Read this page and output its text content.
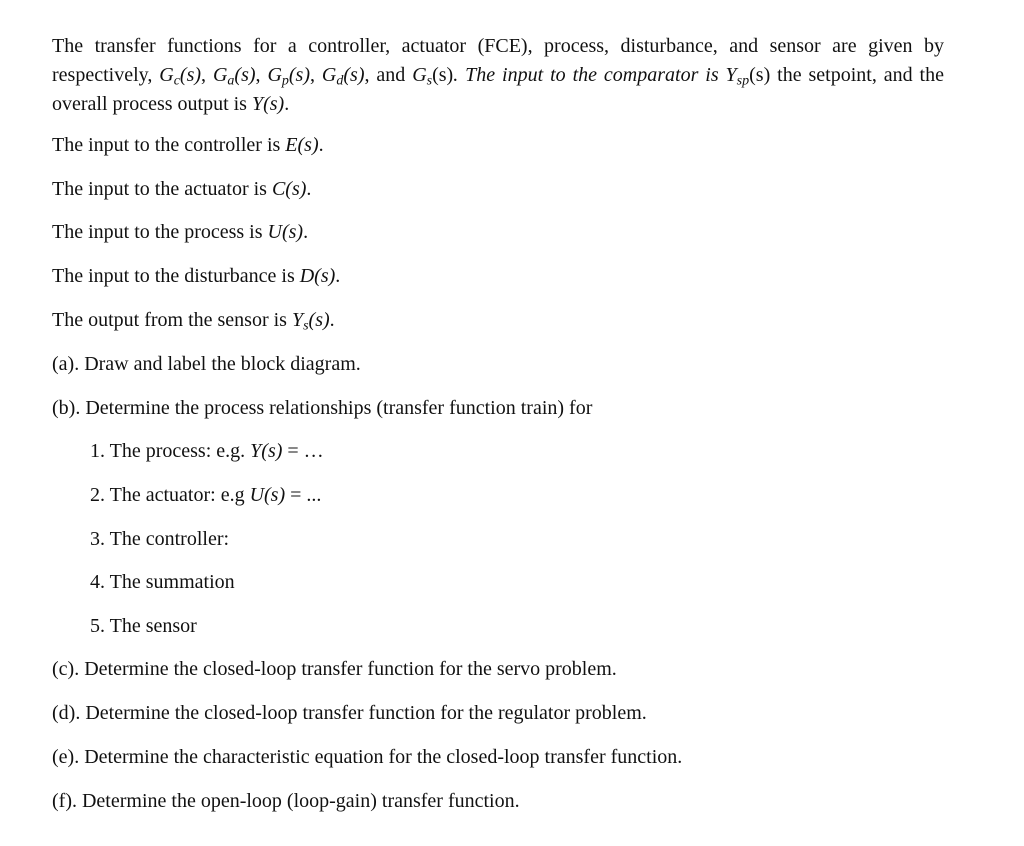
The transfer functions for a controller, actuator (FCE), process, disturbance, and sensor are given by respectively, $G_c(s)$, $G_a(s)$, $G_p(s)$, $G_d(s)$, and $G_s(s)$. The input to the comparator is $Y_{sp}(s)$ the setpoint, and the overall process output is Y(s).
The input to the controller is E(s).
The input to the actuator is C(s).
The input to the process is U(s).
The input to the disturbance is D(s).
The output from the sensor is $Y_s(s)$.
(a). Draw and label the block diagram.
(b). Determine the process relationships (transfer function train) for
1. The process: e.g. Y(s) = …
2. The actuator: e.g U(s) = ...
3. The controller:
4. The summation
5. The sensor
(c). Determine the closed-loop transfer function for the servo problem.
(d). Determine the closed-loop transfer function for the regulator problem.
(e). Determine the characteristic equation for the closed-loop transfer function.
(f). Determine the open-loop (loop-gain) transfer function.
